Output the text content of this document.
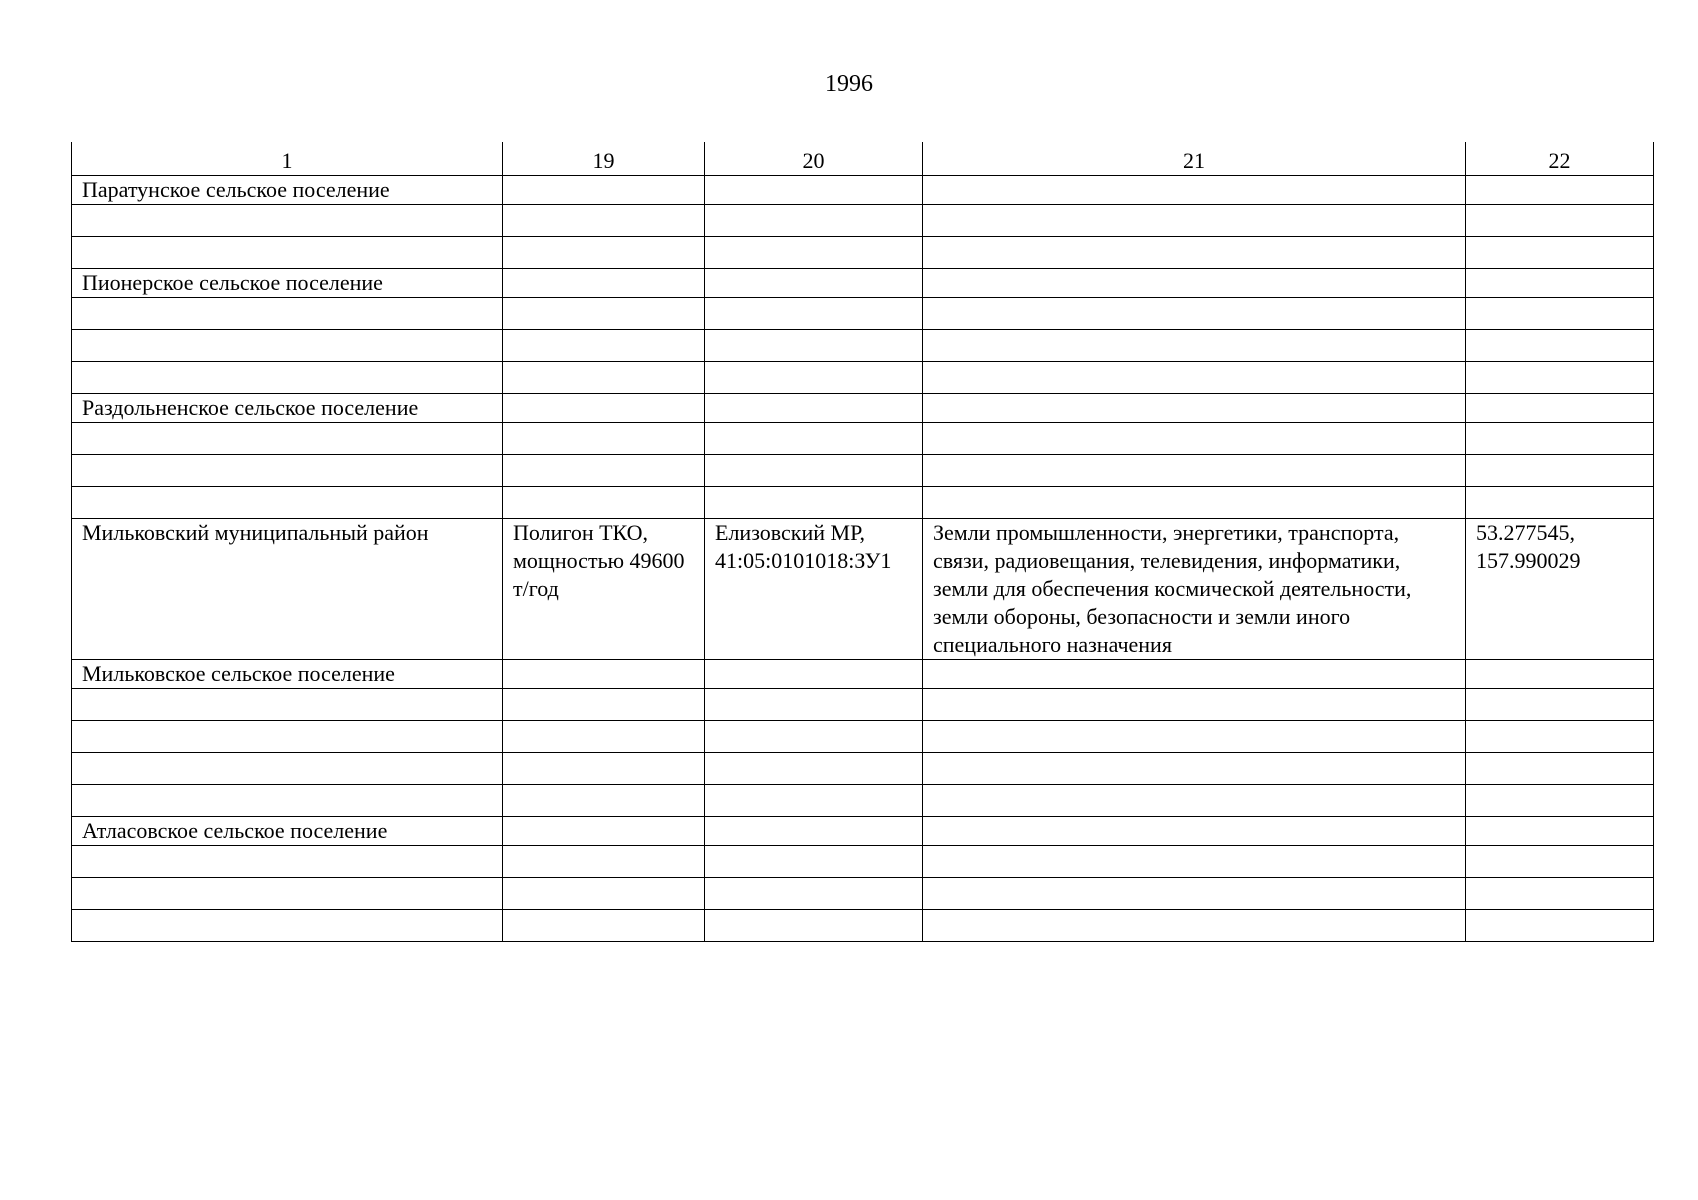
1996
1	19	20	21	22

Паратунское сельское поселение				

Пионерское сельское поселение				

Раздольненское сельское поселение				

Мильковский муниципальный район	Полигон ТКО, мощностью 49600 т/год	Елизовский МР, 41:05:0101018:ЗУ1	Земли промышленности, энергетики, транспорта, связи, радиовещания, телевидения, информатики, земли для обеспечения космической деятельности, земли обороны, безопасности и земли иного специального назначения	53.277545, 157.990029

Мильковское сельское поселение				

Атласовское сельское поселение				
